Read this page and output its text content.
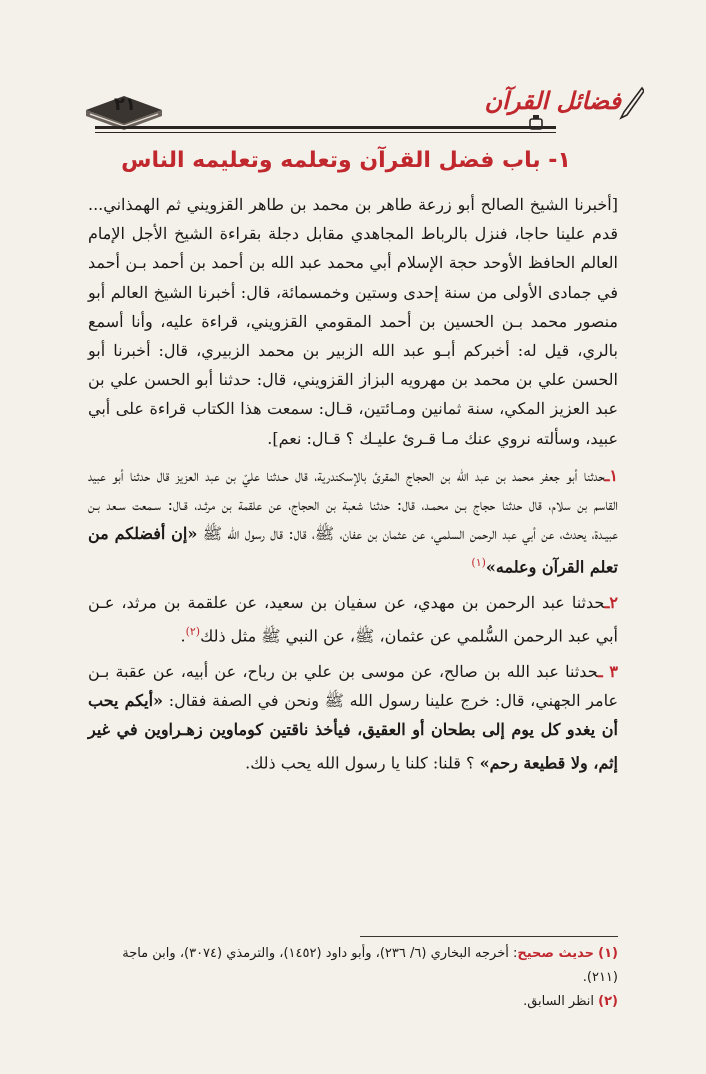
٢١	فضائل القرآن
١- باب فضل القرآن وتعلمه وتعليمه الناس

[أخبرنا الشيخ الصالح أبو زرعة طاهر بن محمد بن طاهر القزويني ثم الهمذاني... قدم علينا حاجا، فنزل بالرباط المجاهدي مقابل دجلة بقراءة الشيخ الأجل الإمام العالم الحافظ الأوحد حجة الإسلام أبي محمد عبد الله بن أحمد بن أحمد بـن أحمد في جمادى الأولى من سنة إحدى وستين وخمسمائة، قال: أخبرنا الشيخ العالم أبو منصور محمد بـن الحسين بن أحمد المقومي القزويني، قراءة عليه، وأنا أسمع بالري، قيل له: أخبركم أبـو عبد الله الزبير بن محمد الزبيري، قال: أخبرنا أبو الحسن علي بن محمد بن مهرويه البزاز القزويني، قال: حدثنا أبو الحسن علي بن عبد العزيز المكي، سنة ثمانين ومـائتين، قـال: سمعت هذا الكتاب قراءة على أبي عبيد، وسألته نروي عنك مـا قـرئ عليـك ؟ قـال: نعم].

١ـحدثنا أبو جعفر محمد بن عبد الله بن الحجاج المقرئ بالإسكندرية، قال حـدثنا عليّ بن عبد العزيز قال حدثنا أبو عبيد القاسم بن سلام، قال حدثنا حجاج بـن محمـد، قال: حدثنا شعبة بن الحجاج، عن علقمة بن مرثـد، قـال: سـمعت سـعد بـن عبيـدة، يحدث، عن أبي عبد الرحمن السلمي، عن عثمان بن عفان، ﷺ، قال: قال رسول الله ﷺ «إن أفضلكم من تعلم القرآن وعلمه»$^{(١)}$

٢ـحدثنا عبد الرحمن بن مهدي، عن سفيان بن سعيد، عن علقمة بن مرثد، عـن أبي عبد الرحمن السُّلمي عن عثمان، ﷺ، عن النبي ﷺ مثل ذلك$^{(٢)}$.

٣ ـحدثنا عبد الله بن صالح، عن موسى بن علي بن رباح، عن أبيه، عن عقبة بـن عامر الجهني، قال: خرج علينا رسول الله ﷺ ونحن في الصفة فقال: «أيكم يحب أن يغدو كل يوم إلى بطحان أو العقيق، فيأخذ ناقتين كوماوين زهـراوين في غير إثم، ولا قطيعة رحم» ؟ قلنا: كلنا يا رسول الله يحب ذلك.

(١) حديث صحيح: أخرجه البخاري (٦/ ٢٣٦)، وأبو داود (١٤٥٢)، والترمذي (٣٠٧٤)، وابن ماجة (٢١١).

(٢) انظر السابق.
